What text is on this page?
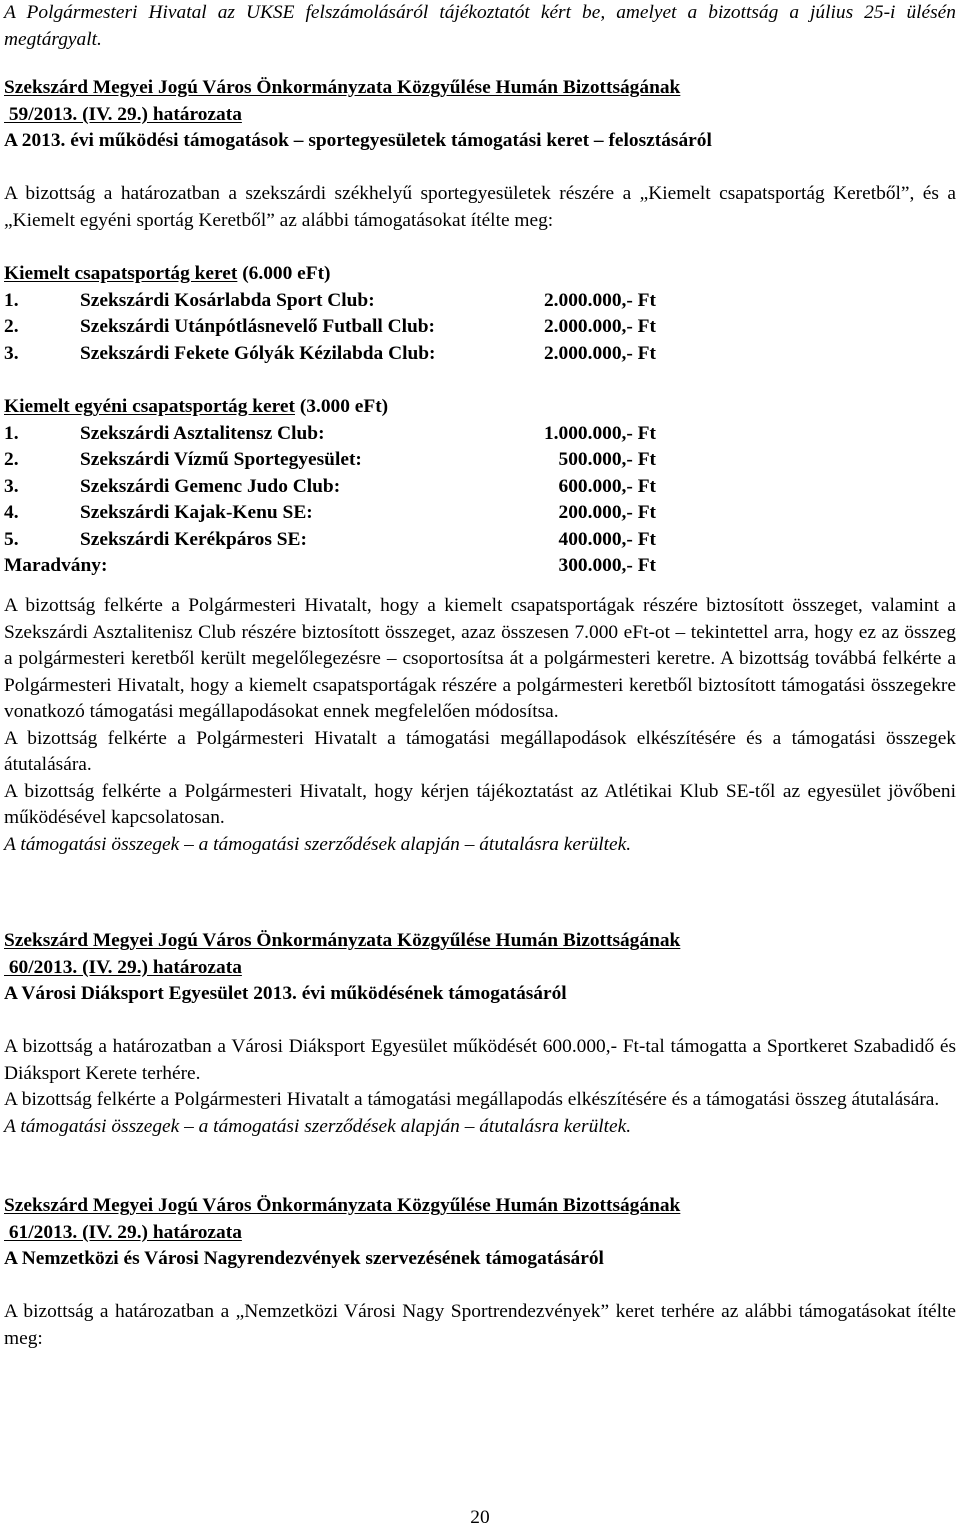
A Polgármesteri Hivatal az UKSE felszámolásáról tájékoztatót kért be, amelyet a bizottság a július 25-i ülésén megtárgyalt.

Szekszárd Megyei Jogú Város Önkormányzata Közgyűlése Humán Bizottságának

59/2013. (IV. 29.) határozata

A 2013. évi működési támogatások – sportegyesületek támogatási keret – felosztásáról

A bizottság a határozatban a szekszárdi székhelyű sportegyesületek részére a „Kiemelt csapatsportág Keretből”, és a „Kiemelt egyéni sportág Keretből” az alábbi támogatásokat ítélte meg:

Kiemelt csapatsportág keret (6.000 eFt)

1.	Szekszárdi Kosárlabda Sport Club:	2.000.000,- Ft
2.	Szekszárdi Utánpótlásnevelő Futball Club:	2.000.000,- Ft
3.	Szekszárdi Fekete Gólyák Kézilabda Club:	2.000.000,- Ft

Kiemelt egyéni csapatsportág keret (3.000 eFt)

1.	Szekszárdi Asztalitensz Club:	1.000.000,- Ft
2.	Szekszárdi Vízmű Sportegyesület:	500.000,- Ft
3.	Szekszárdi Gemenc Judo Club:	600.000,- Ft
4.	Szekszárdi Kajak-Kenu SE:	200.000,- Ft
5.	Szekszárdi Kerékpáros SE:	400.000,- Ft
Maradvány:	300.000,- Ft

A bizottság felkérte a Polgármesteri Hivatalt, hogy a kiemelt csapatsportágak részére biztosított összeget, valamint a Szekszárdi Asztalitenisz Club részére biztosított összeget, azaz összesen 7.000 eFt-ot – tekintettel arra, hogy ez az összeg a polgármesteri keretből került megelőlegezésre – csoportosítsa át a polgármesteri keretre. A bizottság továbbá felkérte a Polgármesteri Hivatalt, hogy a kiemelt csapatsportágak részére a polgármesteri keretből biztosított támogatási összegekre vonatkozó támogatási megállapodásokat ennek megfelelően módosítsa.

A bizottság felkérte a Polgármesteri Hivatalt a támogatási megállapodások elkészítésére és a támogatási összegek átutalására.

A bizottság felkérte a Polgármesteri Hivatalt, hogy kérjen tájékoztatást az Atlétikai Klub SE-től az egyesület jövőbeni működésével kapcsolatosan.

A támogatási összegek – a támogatási szerződések alapján – átutalásra kerültek.

Szekszárd Megyei Jogú Város Önkormányzata Közgyűlése Humán Bizottságának

60/2013. (IV. 29.) határozata

A Városi Diáksport Egyesület 2013. évi működésének támogatásáról

A bizottság a határozatban a Városi Diáksport Egyesület működését 600.000,- Ft-tal támogatta a Sportkeret Szabadidő és Diáksport Kerete terhére.

A bizottság felkérte a Polgármesteri Hivatalt a támogatási megállapodás elkészítésére és a támogatási összeg átutalására.

A támogatási összegek – a támogatási szerződések alapján – átutalásra kerültek.

Szekszárd Megyei Jogú Város Önkormányzata Közgyűlése Humán Bizottságának

61/2013. (IV. 29.) határozata

A Nemzetközi és Városi Nagyrendezvények szervezésének támogatásáról

A bizottság a határozatban a „Nemzetközi Városi Nagy Sportrendezvények” keret terhére az alábbi támogatásokat ítélte meg:

20
